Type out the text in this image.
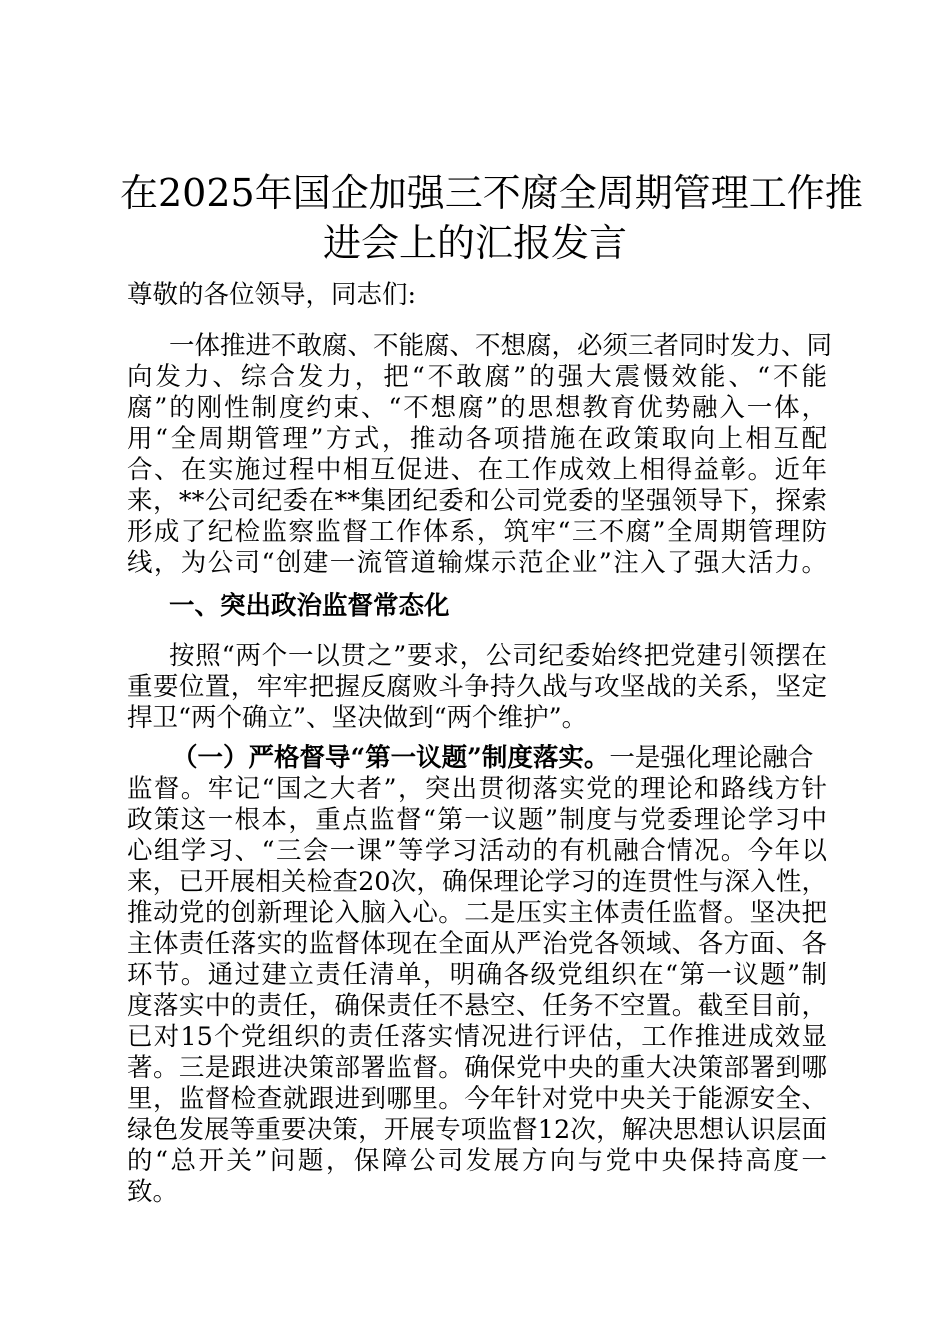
在2025年国企加强三不腐全周期管理工作推
进会上的汇报发言

尊敬的各位领导，同志们:

一体推进不敢腐、不能腐、不想腐，必须三者同时发力、同

向发力、综合发力，把“不敢腐”的强大震慑效能、“不能

腐”的刚性制度约束、“不想腐”的思想教育优势融入一体，

用“全周期管理”方式，推动各项措施在政策取向上相互配

合、在实施过程中相互促进、在工作成效上相得益彰。近年

来，**公司纪委在**集团纪委和公司党委的坚强领导下，探索

形成了纪检监察监督工作体系，筑牢“三不腐”全周期管理防

线，为公司“创建一流管道输煤示范企业”注入了强大活力。

一、突出政治监督常态化

按照“两个一以贯之”要求，公司纪委始终把党建引领摆在

重要位置，牢牢把握反腐败斗争持久战与攻坚战的关系，坚定

捍卫“两个确立”、坚决做到“两个维护”。

（一）严格督导“第一议题”制度落实。一是强化理论融合

监督。牢记“国之大者”，突出贯彻落实党的理论和路线方针

政策这一根本，重点监督“第一议题”制度与党委理论学习中

心组学习、“三会一课”等学习活动的有机融合情况。今年以

来，已开展相关检查20次，确保理论学习的连贯性与深入性，

推动党的创新理论入脑入心。二是压实主体责任监督。坚决把

主体责任落实的监督体现在全面从严治党各领域、各方面、各

环节。通过建立责任清单，明确各级党组织在“第一议题”制

度落实中的责任，确保责任不悬空、任务不空置。截至目前，

已对15个党组织的责任落实情况进行评估，工作推进成效显

著。三是跟进决策部署监督。确保党中央的重大决策部署到哪

里，监督检查就跟进到哪里。今年针对党中央关于能源安全、

绿色发展等重要决策，开展专项监督12次，解决思想认识层面

的“总开关”问题，保障公司发展方向与党中央保持高度一

致。
